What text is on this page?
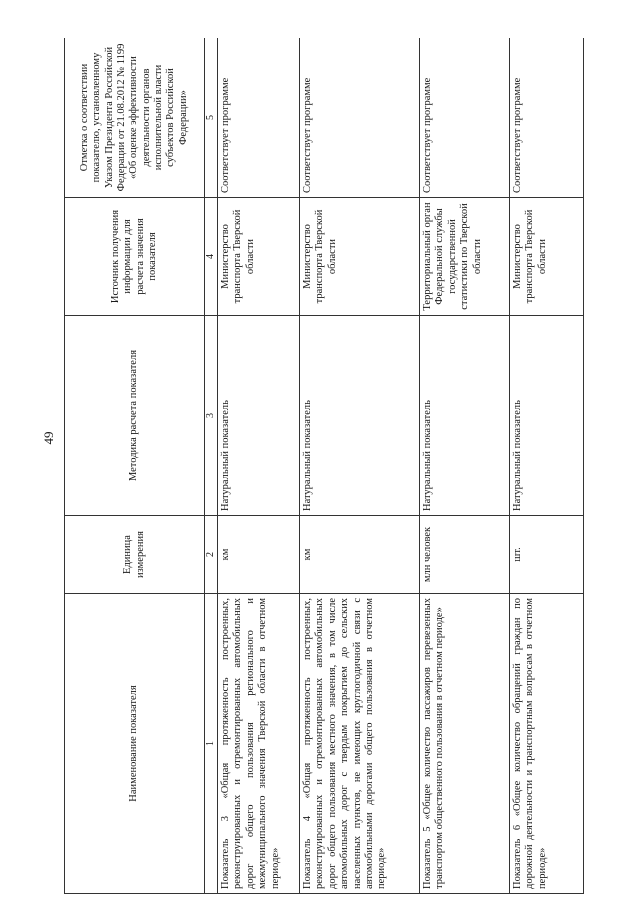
49
Наименование показателя	Единица измерения	Методика расчета показателя	Источник получения информации для расчета значения показателя	Отметка о соответствии показателю, установленному Указом Президента Российской Федерации от 21.08.2012 № 1199 «Об оценке эффективности деятельности органов исполнительной власти субъектов Российской Федерации»
1	2	3	4	5
Показатель 3 «Общая протяженность построенных, реконструированных и отремонтированных автомобильных дорог общего пользования регионального и межмуниципального значения Тверской области в отчетном периоде»	км	Натуральный показатель	Министерство транспорта Тверской области	Соответствует программе
Показатель 4 «Общая протяженность построенных, реконструированных и отремонтированных автомобильных дорог общего пользования местного значения, в том числе автомобильных дорог с твердым покрытием до сельских населенных пунктов, не имеющих круглогодичной связи с автомобильными дорогами общего пользования в отчетном периоде»	км	Натуральный показатель	Министерство транспорта Тверской области	Соответствует программе
Показатель 5 «Общее количество пассажиров перевезенных транспортом общественного пользования в отчетном периоде»	млн человек	Натуральный показатель	Территориальный орган Федеральной службы государственной статистики по Тверской области	Соответствует программе
Показатель 6 «Общее количество обращений граждан по дорожной деятельности и транспортным вопросам в отчетном периоде»	шт.	Натуральный показатель	Министерство транспорта Тверской области	Соответствует программе
